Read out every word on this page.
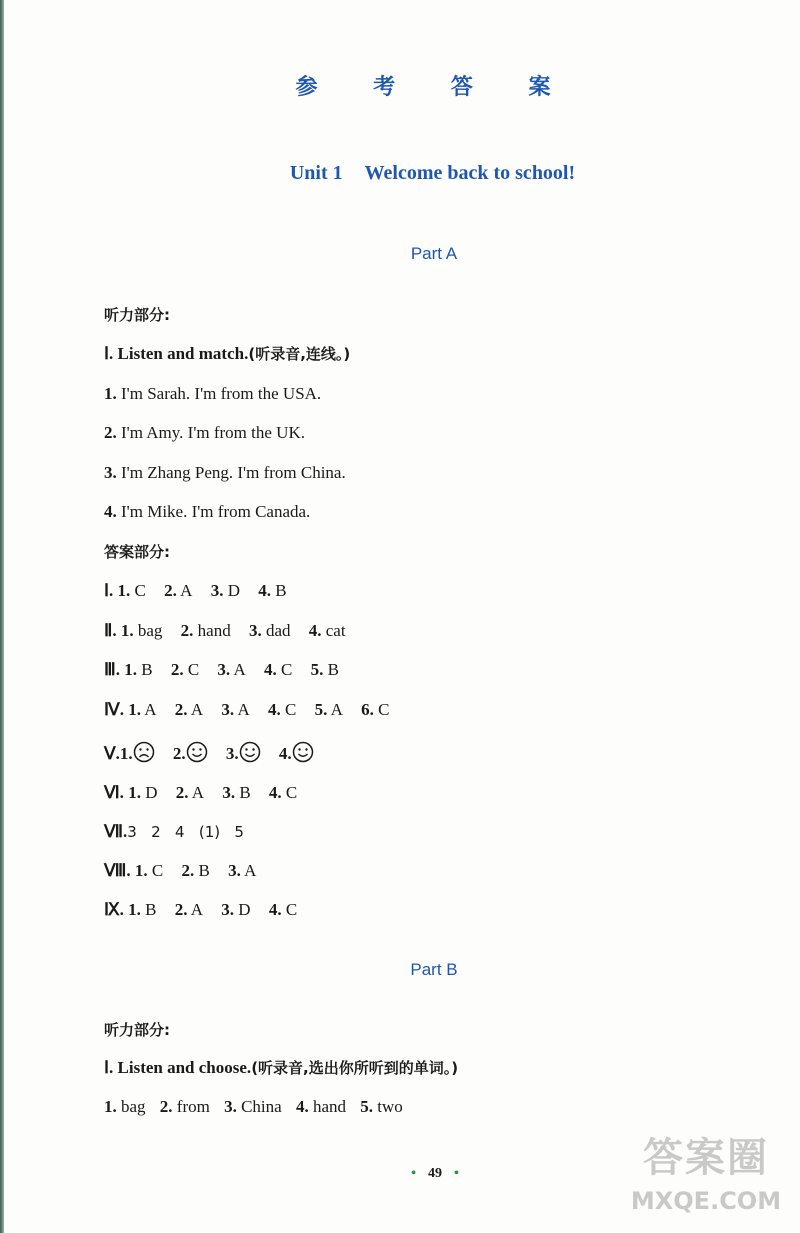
参 考 答 案
Unit 1 Welcome back to school!
Part A
听力部分:
Ⅰ. Listen and match.(听录音,连线。)
1. I'm Sarah. I'm from the USA.
2. I'm Amy. I'm from the UK.
3. I'm Zhang Peng. I'm from China.
4. I'm Mike. I'm from Canada.
答案部分:
Ⅰ. 1. C 2. A 3. D 4. B
Ⅱ. 1. bag 2. hand 3. dad 4. cat
Ⅲ. 1. B 2. C 3. A 4. C 5. B
Ⅳ. 1. A 2. A 3. A 4. C 5. A 6. C
Ⅴ.1. 2. 3. 4.
Ⅵ. 1. D 2. A 3. B 4. C
Ⅶ.3   2   4   (1)   5
Ⅷ. 1. C 2. B 3. A
Ⅸ. 1. B 2. A 3. D 4. C
Part B
听力部分:
Ⅰ. Listen and choose.(听录音,选出你所听到的单词。)
1. bag 2. from 3. China 4. hand 5. two
• 49 •	答案圈
MXQE.COM
